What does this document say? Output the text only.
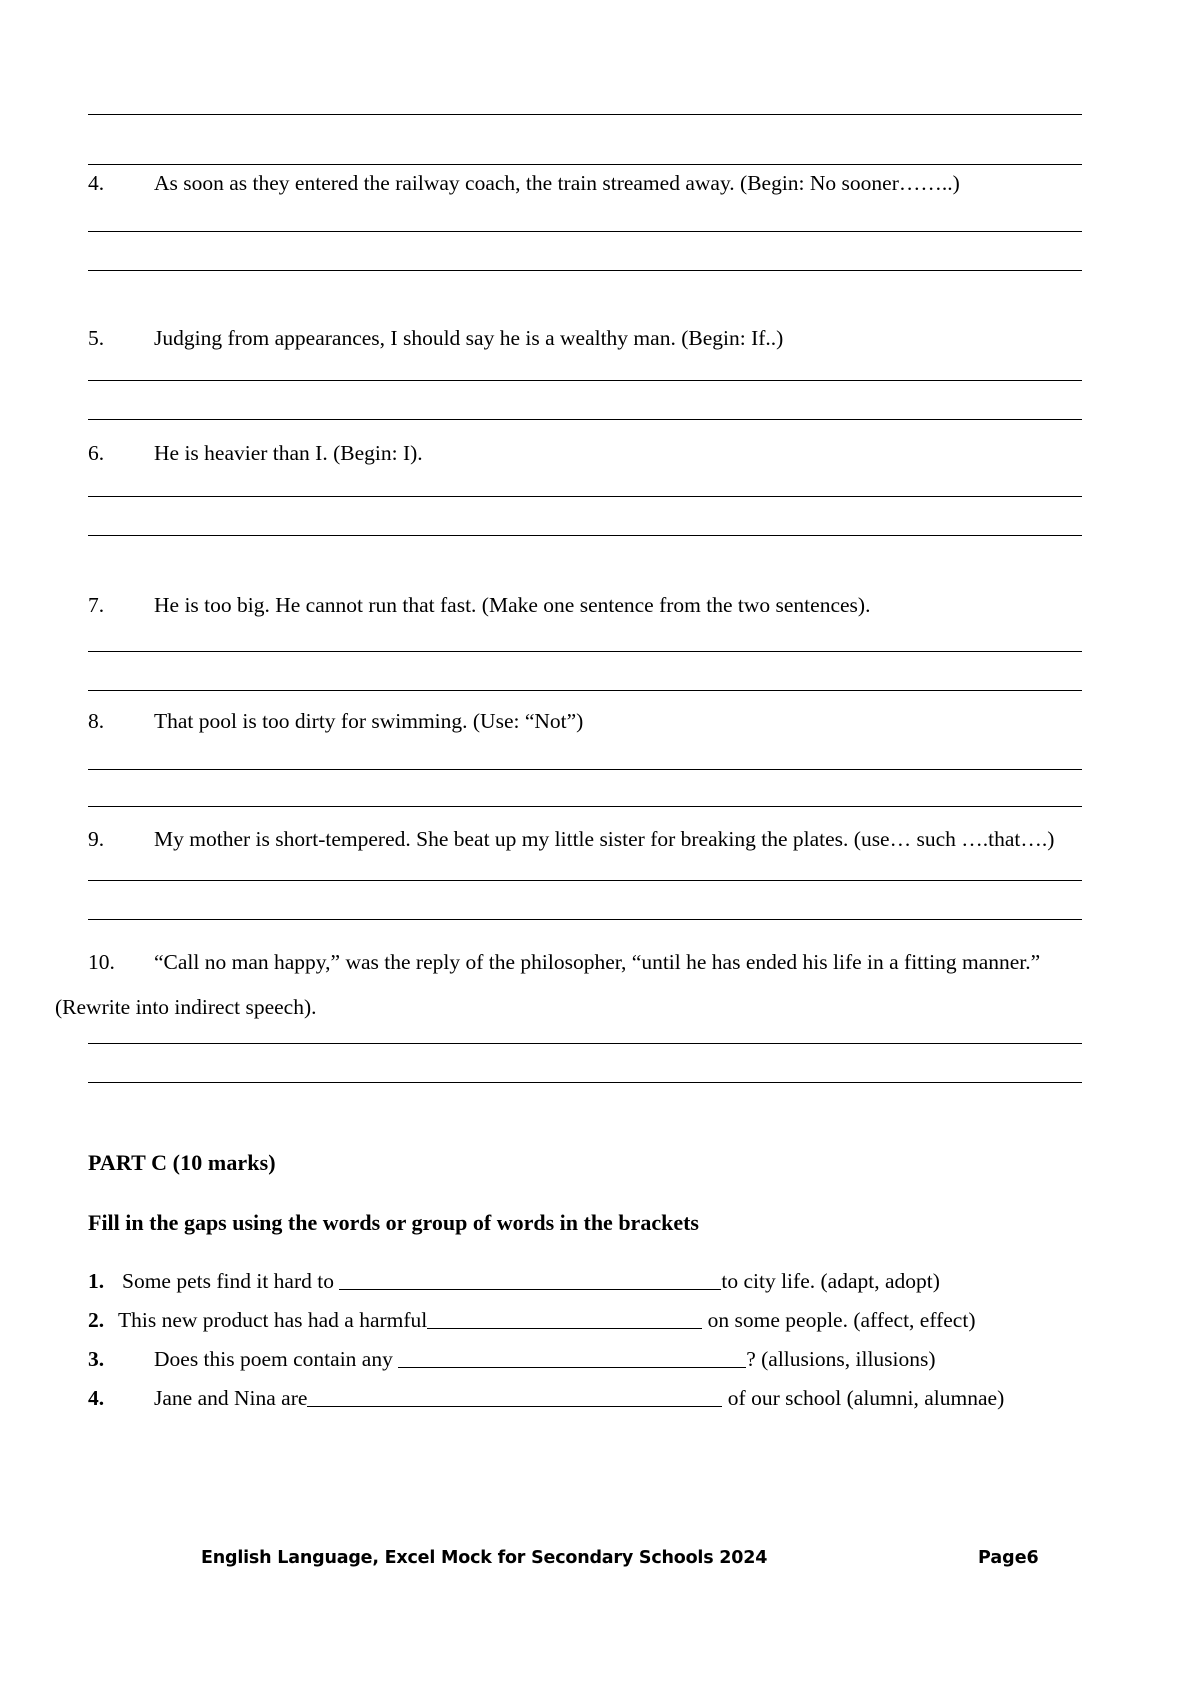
4. As soon as they entered the railway coach, the train streamed away. (Begin: No sooner……..)
5. Judging from appearances, I should say he is a wealthy man. (Begin: If..)
6. He is heavier than I. (Begin: I).
7. He is too big. He cannot run that fast. (Make one sentence from the two sentences).
8. That pool is too dirty for swimming. (Use: “Not”)
9. My mother is short-tempered. She beat up my little sister for breaking the plates. (use… such ….that….)
10. “Call no man happy,” was the reply of the philosopher, “until he has ended his life in a fitting manner.”
(Rewrite into indirect speech).
PART C (10 marks)
Fill in the gaps using the words or group of words in the brackets
1. Some pets find it hard to	to city life. (adapt, adopt)
2. This new product has had a harmful	on some people. (affect, effect)
3. Does this poem contain any	? (allusions, illusions)
4. Jane and Nina are	of our school (alumni, alumnae)
English Language, Excel Mock for Secondary Schools 2024	Page6
